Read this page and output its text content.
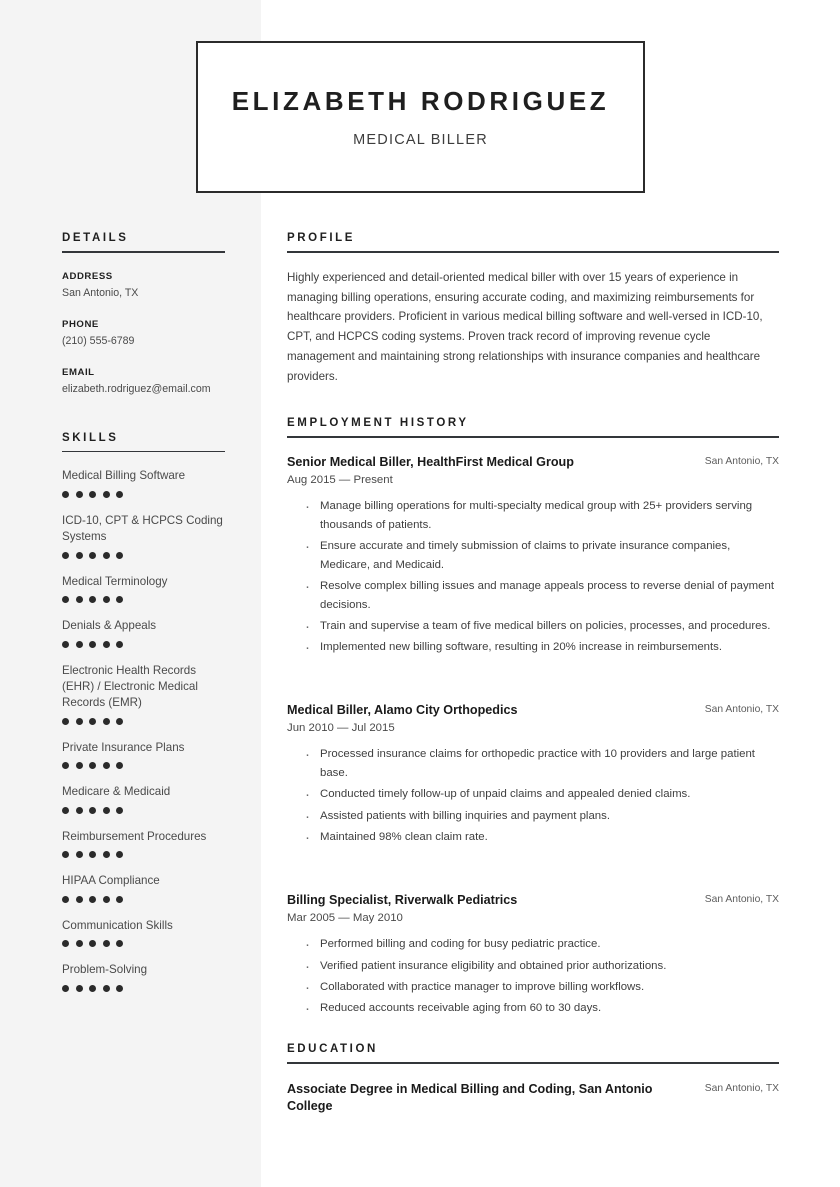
ELIZABETH RODRIGUEZ
MEDICAL BILLER
DETAILS
ADDRESS
San Antonio, TX
PHONE
(210) 555-6789
EMAIL
elizabeth.rodriguez@email.com
SKILLS
Medical Billing Software
ICD-10, CPT & HCPCS Coding Systems
Medical Terminology
Denials & Appeals
Electronic Health Records (EHR) / Electronic Medical Records (EMR)
Private Insurance Plans
Medicare & Medicaid
Reimbursement Procedures
HIPAA Compliance
Communication Skills
Problem-Solving
PROFILE

Highly experienced and detail-oriented medical biller with over 15 years of experience in managing billing operations, ensuring accurate coding, and maximizing reimbursements for healthcare providers. Proficient in various medical billing software and well-versed in ICD-10, CPT, and HCPCS coding systems. Proven track record of improving revenue cycle management and maintaining strong relationships with insurance companies and healthcare providers.

EMPLOYMENT HISTORY
Senior Medical Biller, HealthFirst Medical Group	San Antonio, TX
Aug 2015 — Present
· Manage billing operations for multi-specialty medical group with 25+ providers serving thousands of patients.
· Ensure accurate and timely submission of claims to private insurance companies, Medicare, and Medicaid.
· Resolve complex billing issues and manage appeals process to reverse denial of payment decisions.
· Train and supervise a team of five medical billers on policies, processes, and procedures.
· Implemented new billing software, resulting in 20% increase in reimbursements.
Medical Biller, Alamo City Orthopedics	San Antonio, TX
Jun 2010 — Jul 2015
· Processed insurance claims for orthopedic practice with 10 providers and large patient base.
· Conducted timely follow-up of unpaid claims and appealed denied claims.
· Assisted patients with billing inquiries and payment plans.
· Maintained 98% clean claim rate.
Billing Specialist, Riverwalk Pediatrics	San Antonio, TX
Mar 2005 — May 2010
· Performed billing and coding for busy pediatric practice.
· Verified patient insurance eligibility and obtained prior authorizations.
· Collaborated with practice manager to improve billing workflows.
· Reduced accounts receivable aging from 60 to 30 days.
EDUCATION
Associate Degree in Medical Billing and Coding, San Antonio College
San Antonio, TX
